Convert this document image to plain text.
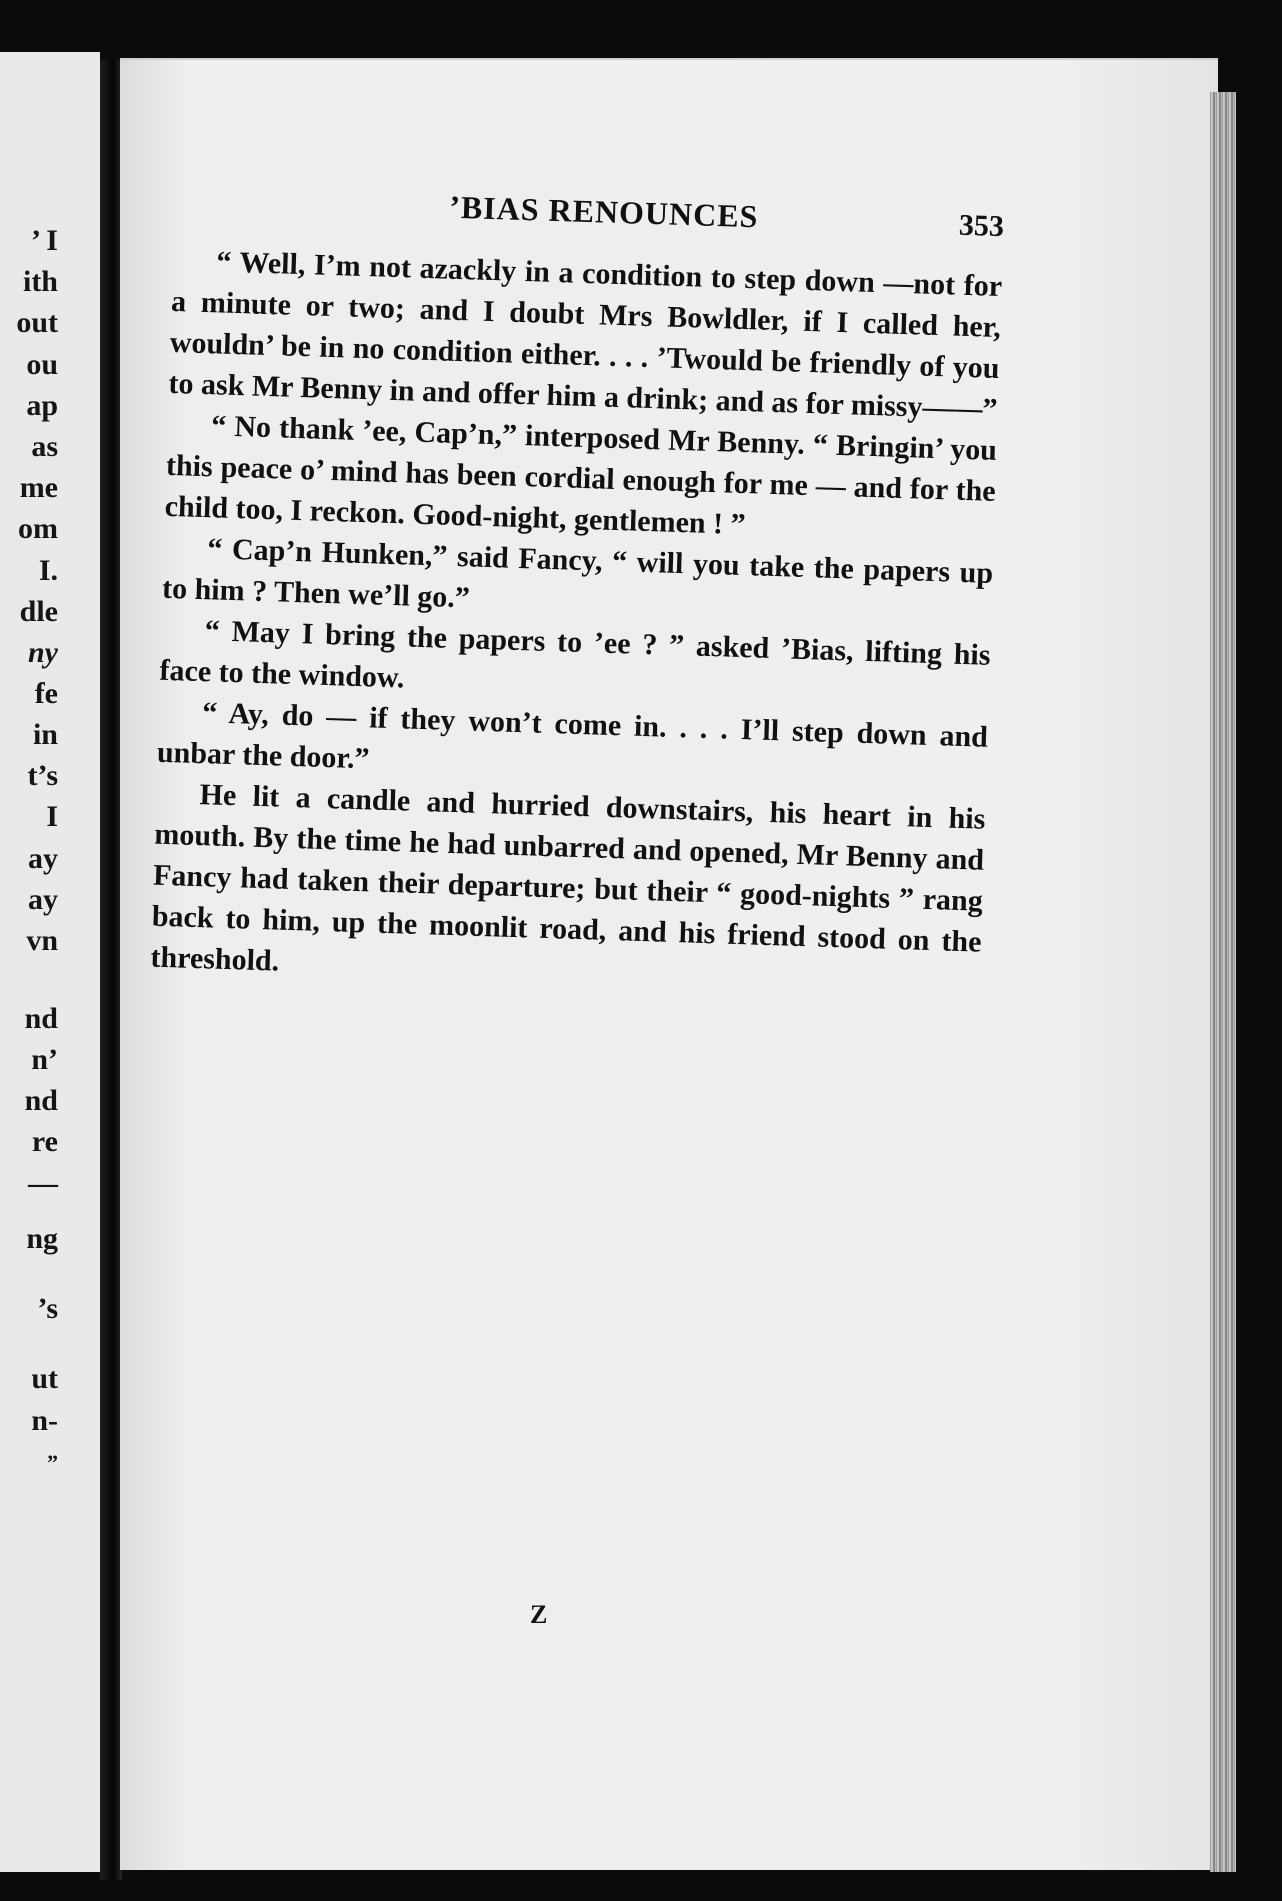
’ I
ith
out
ou
ap
as
me
om
I.
dle
ny
fe
in
t’s
I
ay
ay
vn
nd
n’
nd
re
—
ng
’s
ut
n-
”
’BIAS RENOUNCES	353

“ Well, I’m not azackly in a condition to step down —not for a minute or two; and I doubt Mrs Bowldler, if I called her, wouldn’ be in no condition either. . . . ’Twould be friendly of you to ask Mr Benny in and offer him a drink; and as for missy——”

“ No thank ’ee, Cap’n,” interposed Mr Benny. “ Bringin’ you this peace o’ mind has been cordial enough for me — and for the child too, I reckon. Good-night, gentlemen ! ”

“ Cap’n Hunken,” said Fancy, “ will you take the papers up to him ? Then we’ll go.”

“ May I bring the papers to ’ee ? ” asked ’Bias, lifting his face to the window.

“ Ay, do — if they won’t come in. . . . I’ll step down and unbar the door.”

He lit a candle and hurried downstairs, his heart in his mouth. By the time he had unbarred and opened, Mr Benny and Fancy had taken their departure; but their “ good-nights ” rang back to him, up the moonlit road, and his friend stood on the threshold.

Z
